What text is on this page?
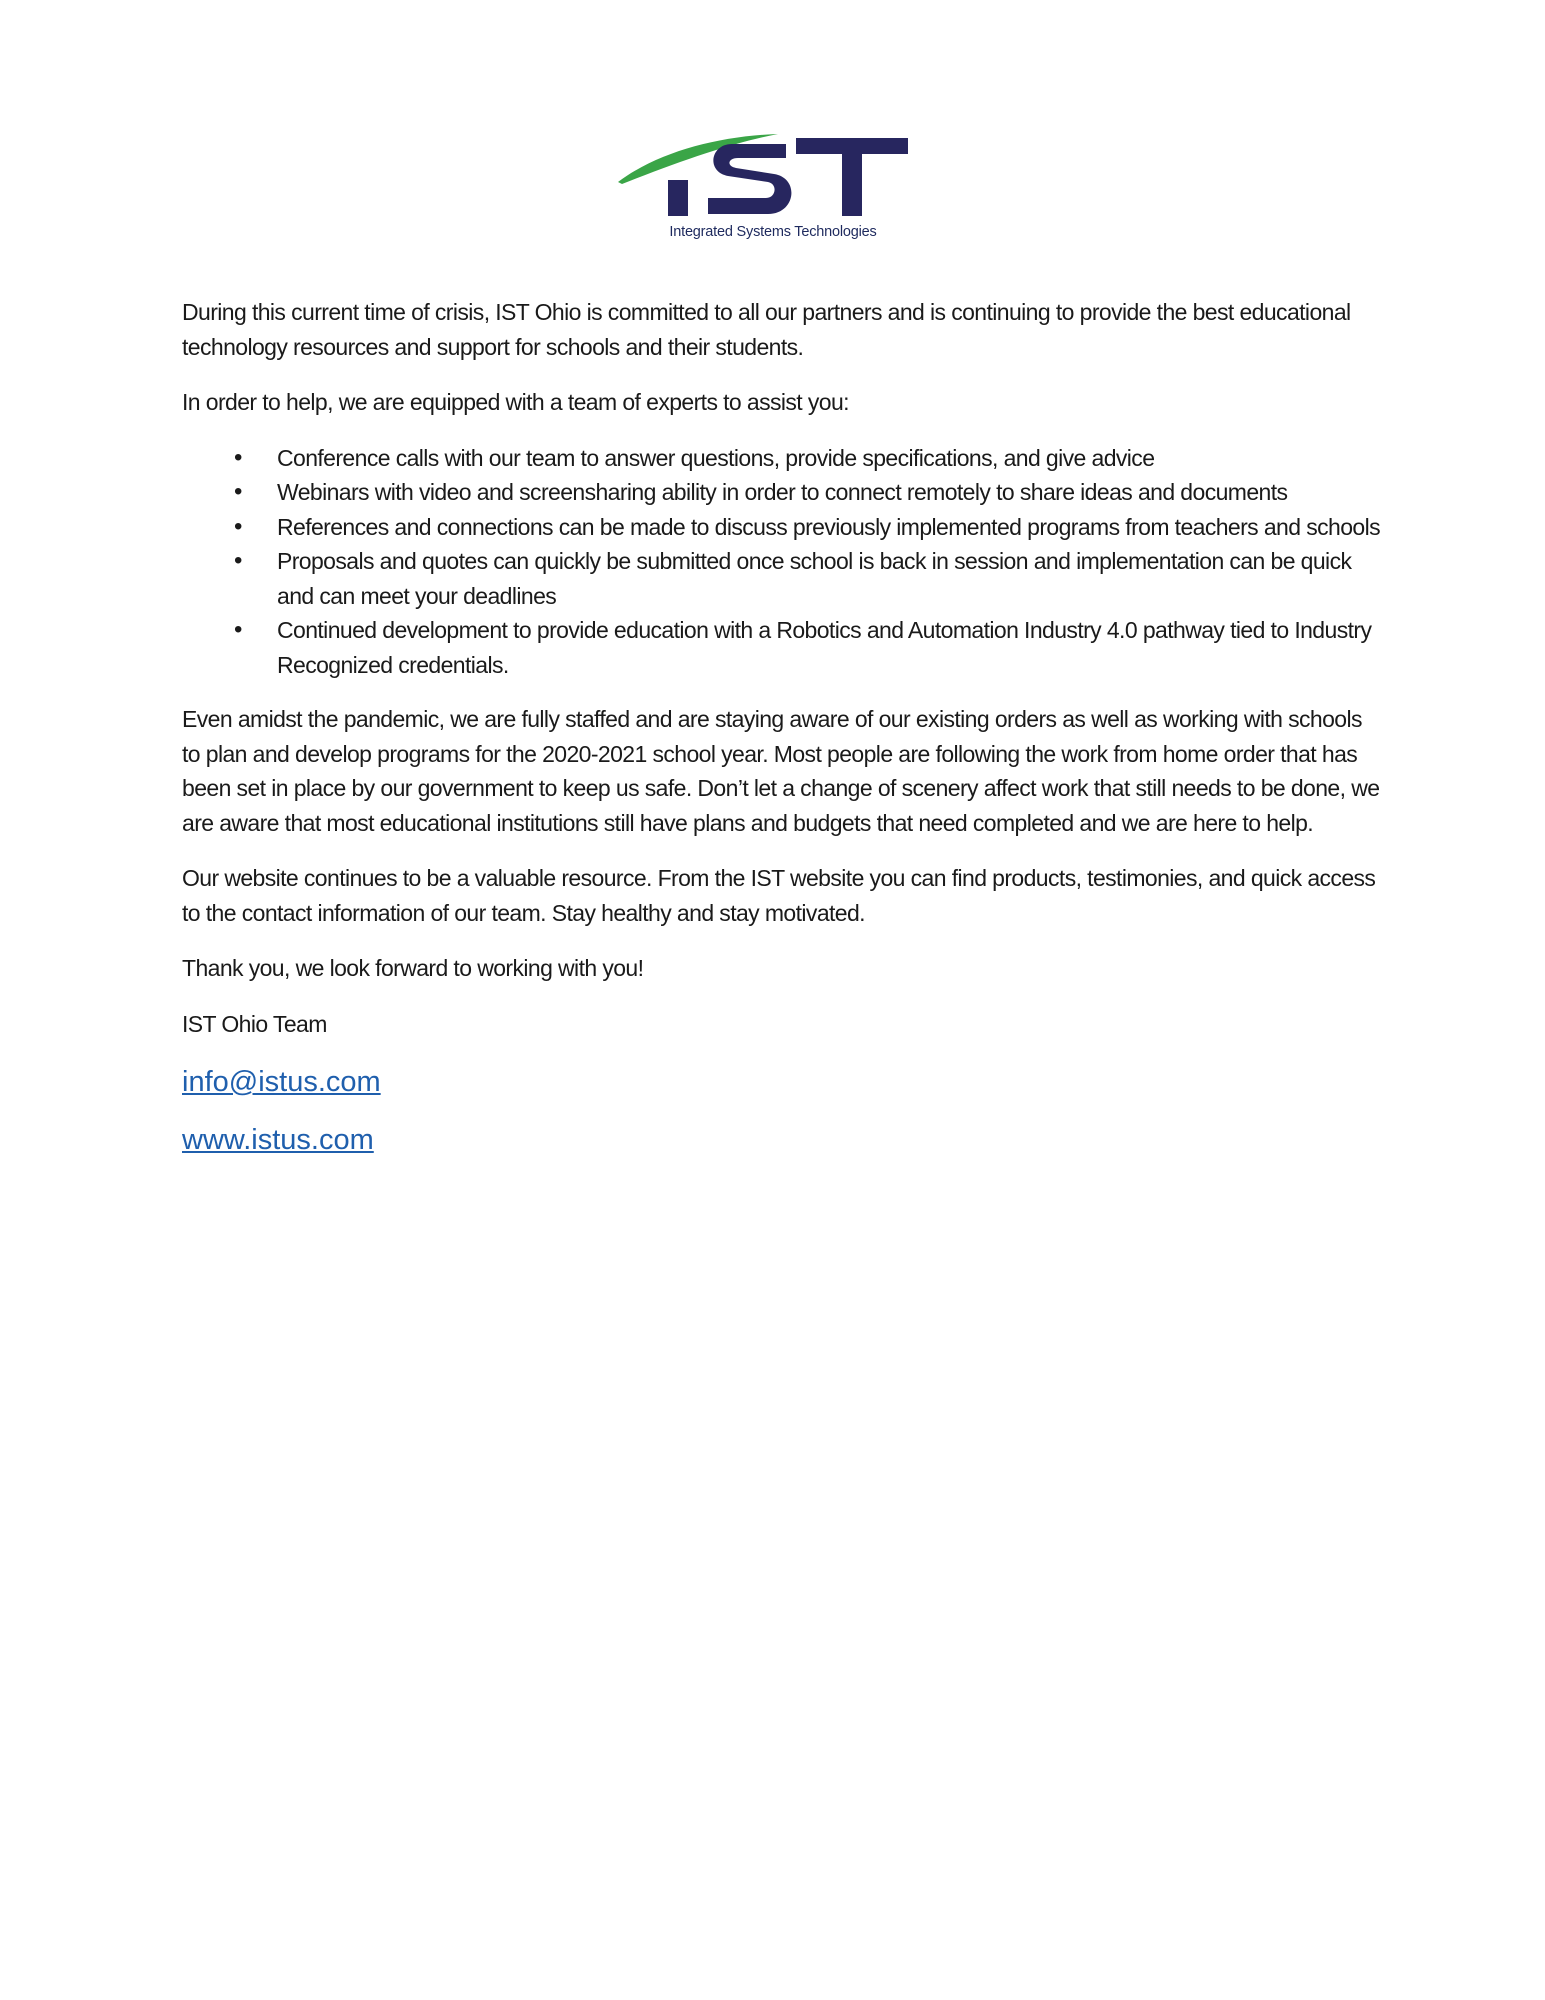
Integrated Systems Technologies

During this current time of crisis, IST Ohio is committed to all our partners and is continuing to provide the best educational technology resources and support for schools and their students.

In order to help, we are equipped with a team of experts to assist you:

• Conference calls with our team to answer questions, provide specifications, and give advice
• Webinars with video and screensharing ability in order to connect remotely to share ideas and documents
• References and connections can be made to discuss previously implemented programs from teachers and schools
• Proposals and quotes can quickly be submitted once school is back in session and implementation can be quick and can meet your deadlines
• Continued development to provide education with a Robotics and Automation Industry 4.0 pathway tied to Industry Recognized credentials.

Even amidst the pandemic, we are fully staffed and are staying aware of our existing orders as well as working with schools to plan and develop programs for the 2020-2021 school year. Most people are following the work from home order that has been set in place by our government to keep us safe. Don’t let a change of scenery affect work that still needs to be done, we are aware that most educational institutions still have plans and budgets that need completed and we are here to help.

Our website continues to be a valuable resource. From the IST website you can find products, testimonies, and quick access to the contact information of our team. Stay healthy and stay motivated.

Thank you, we look forward to working with you!

IST Ohio Team

info@istus.com
www.istus.com
